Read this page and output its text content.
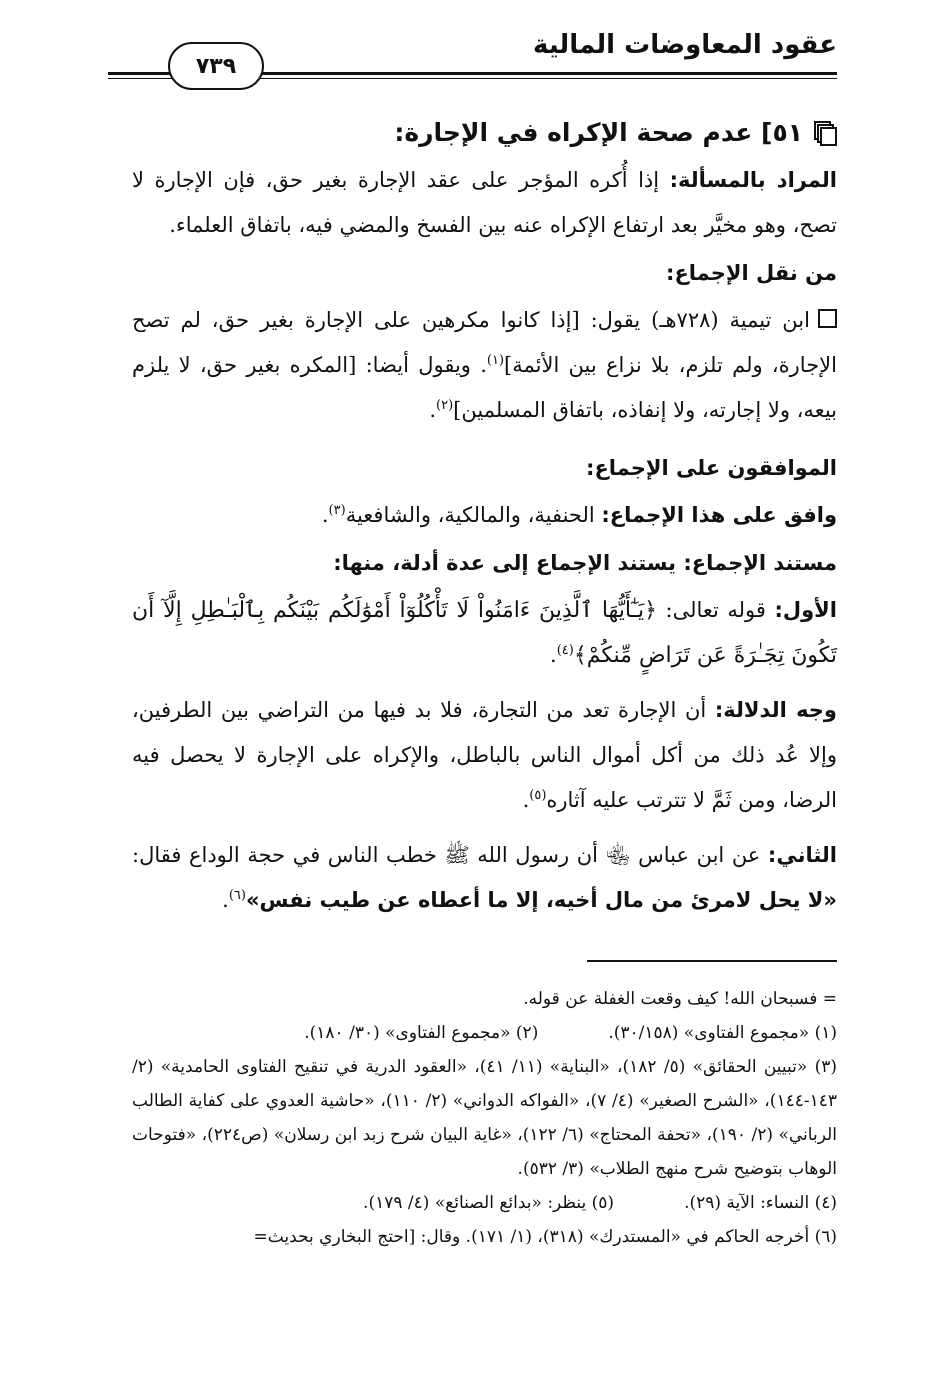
عقود المعاوضات المالية
٧٣٩
٥١] عدم صحة الإكراه في الإجارة:

المراد بالمسألة: إذا أُكره المؤجر على عقد الإجارة بغير حق، فإن الإجارة لا تصح، وهو مخيَّر بعد ارتفاع الإكراه عنه بين الفسخ والمضي فيه، باتفاق العلماء.

من نقل الإجماع:

ابن تيمية (٧٢٨هـ) يقول: [إذا كانوا مكرهين على الإجارة بغير حق، لم تصح الإجارة، ولم تلزم، بلا نزاع بين الأئمة]$^{(١)}$. ويقول أيضا: [المكره بغير حق، لا يلزم بيعه، ولا إجارته، ولا إنفاذه، باتفاق المسلمين]$^{(٢)}$.

الموافقون على الإجماع:

وافق على هذا الإجماع: الحنفية، والمالكية، والشافعية$^{(٣)}$.

مستند الإجماع: يستند الإجماع إلى عدة أدلة، منها:

الأول: قوله تعالى: ﴿يَـٰٓأَيُّهَا ٱلَّذِينَ ءَامَنُواْ لَا تَأْكُلُوٓاْ أَمْوَٰلَكُم بَيْنَكُم بِٱلْبَـٰطِلِ إِلَّآ أَن تَكُونَ تِجَـٰرَةً عَن تَرَاضٍ مِّنكُمْ﴾$^{(٤)}$.

وجه الدلالة: أن الإجارة تعد من التجارة، فلا بد فيها من التراضي بين الطرفين، وإلا عُد ذلك من أكل أموال الناس بالباطل، والإكراه على الإجارة لا يحصل فيه الرضا، ومن ثَمَّ لا تترتب عليه آثاره$^{(٥)}$.

الثاني: عن ابن عباس ﵄ أن رسول الله ﷺ خطب الناس في حجة الوداع فقال: «لا يحل لامرئ من مال أخيه، إلا ما أعطاه عن طيب نفس»$^{(٦)}$.

= فسبحان الله! كيف وقعت الغفلة عن قوله.

(١) «مجموع الفتاوى» (٣٠/١٥٨).
(٢) «مجموع الفتاوى» (٣٠/ ١٨٠).

(٣) «تبيين الحقائق» (٥/ ١٨٢)، «البناية» (١١/ ٤١)، «العقود الدرية في تنقيح الفتاوى الحامدية» (٢/ ١٤٣-١٤٤)، «الشرح الصغير» (٤/ ٧)، «الفواكه الدواني» (٢/ ١١٠)، «حاشية العدوي على كفاية الطالب الرباني» (٢/ ١٩٠)، «تحفة المحتاج» (٦/ ١٢٢)، «غاية البيان شرح زبد ابن رسلان» (ص٢٢٤)، «فتوحات الوهاب بتوضيح شرح منهج الطلاب» (٣/ ٥٣٢).

(٤) النساء: الآية (٢٩).
(٥) ينظر: «بدائع الصنائع» (٤/ ١٧٩).

(٦) أخرجه الحاكم في «المستدرك» (٣١٨)، (١/ ١٧١). وقال: [احتج البخاري بحديث=
